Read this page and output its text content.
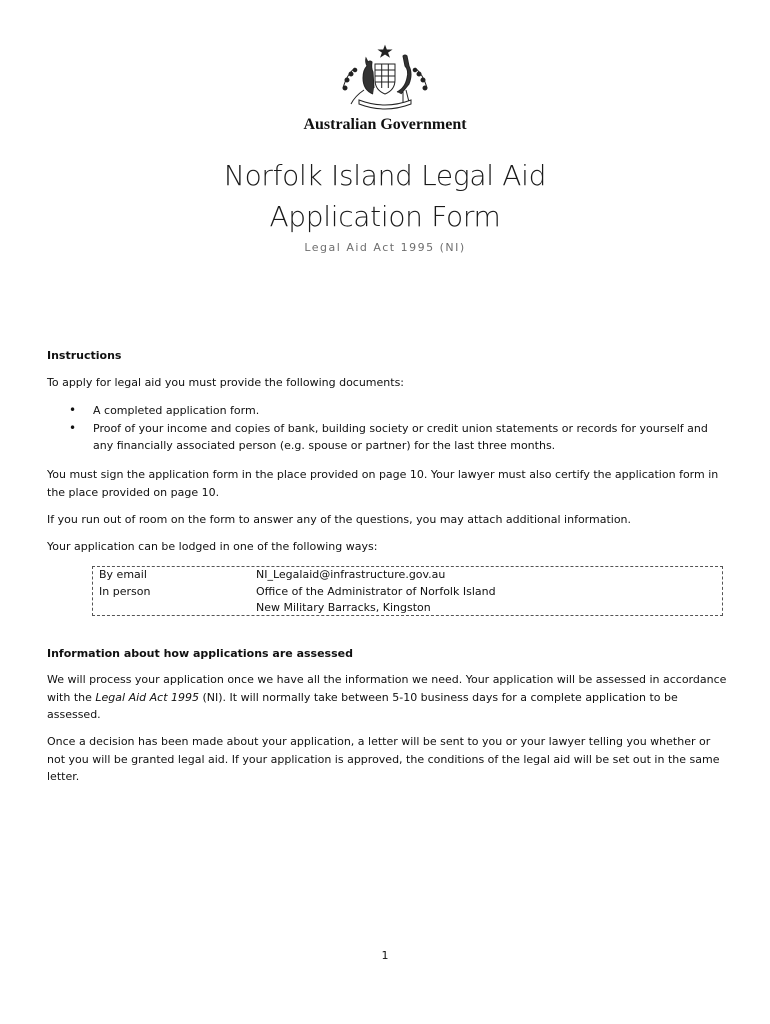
Australian Government
Norfolk Island Legal Aid
Application Form
Legal Aid Act 1995 (NI)
Instructions
To apply for legal aid you must provide the following documents:
• A completed application form.
• Proof of your income and copies of bank, building society or credit union statements or records for yourself and any financially associated person (e.g. spouse or partner) for the last three months.
You must sign the application form in the place provided on page 10. Your lawyer must also certify the application form in the place provided on page 10.
If you run out of room on the form to answer any of the questions, you may attach additional information.
Your application can be lodged in one of the following ways:
By email	NI_Legalaid@infrastructure.gov.au
In person	Office of the Administrator of Norfolk Island
New Military Barracks, Kingston
Information about how applications are assessed
We will process your application once we have all the information we need. Your application will be assessed in accordance with the Legal Aid Act 1995 (NI). It will normally take between 5-10 business days for a complete application to be assessed.
Once a decision has been made about your application, a letter will be sent to you or your lawyer telling you whether or not you will be granted legal aid. If your application is approved, the conditions of the legal aid will be set out in the same letter.
1
